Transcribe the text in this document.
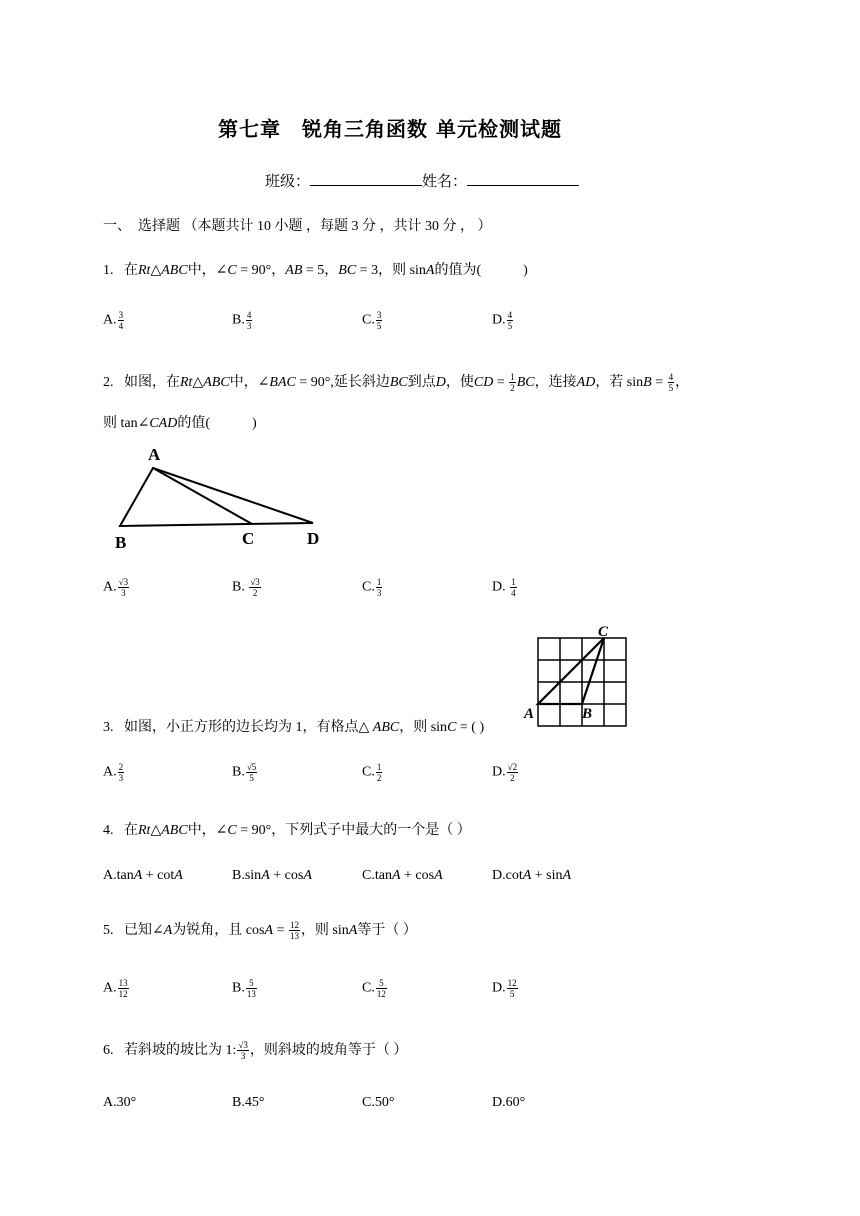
第七章　锐角三角函数 单元检测试题
班级：	姓名：
一、　选择题 （本题共计 10 小题 ，每题 3 分 ，共计 30 分 ， ）
1. 在Rt△ABC中，∠C = 90°，AB = 5，BC = 3，则 sinA的值为(　　　)
A. $\frac{3}{4}$	B. $\frac{4}{3}$	C. $\frac{3}{5}$	D. $\frac{4}{5}$
2. 如图，在Rt△ABC中，∠BAC = 90°,延长斜边BC到点D，使CD = $\frac{1}{2}$ BC，连接AD，若 $\sin B = \frac{4}{5}$ ，
则 tan∠CAD的值(　　　)
A
B	C	D
A. $\frac{√3}{3}$	B. $\frac{√3}{2}$	C. $\frac{1}{3}$	D. $\frac{1}{4}$
C
A	B
3. 如图，小正方形的边长均为 1，有格点△ ABC，则 sinC = ( )
A. $\frac{2}{3}$	B. $\frac{√5}{5}$	C. $\frac{1}{2}$	D. $\frac{√2}{2}$
4. 在Rt△ABC中，∠C = 90°，下列式子中最大的一个是（ ）
A.tanA + cotA	B.sinA + cosA	C.tanA + cosA	D.cotA + sinA
5. 已知∠A为锐角，且 $\cos A = \frac{12}{13}$ ，则 sinA等于（ ）
A. $\frac{13}{12}$	B. $\frac{5}{13}$	C. $\frac{5}{12}$	D. $\frac{12}{5}$
6. 若斜坡的坡比为 1: $\frac{√3}{3}$ ，则斜坡的坡角等于（ ）
A.30°	B.45°	C.50°	D.60°
